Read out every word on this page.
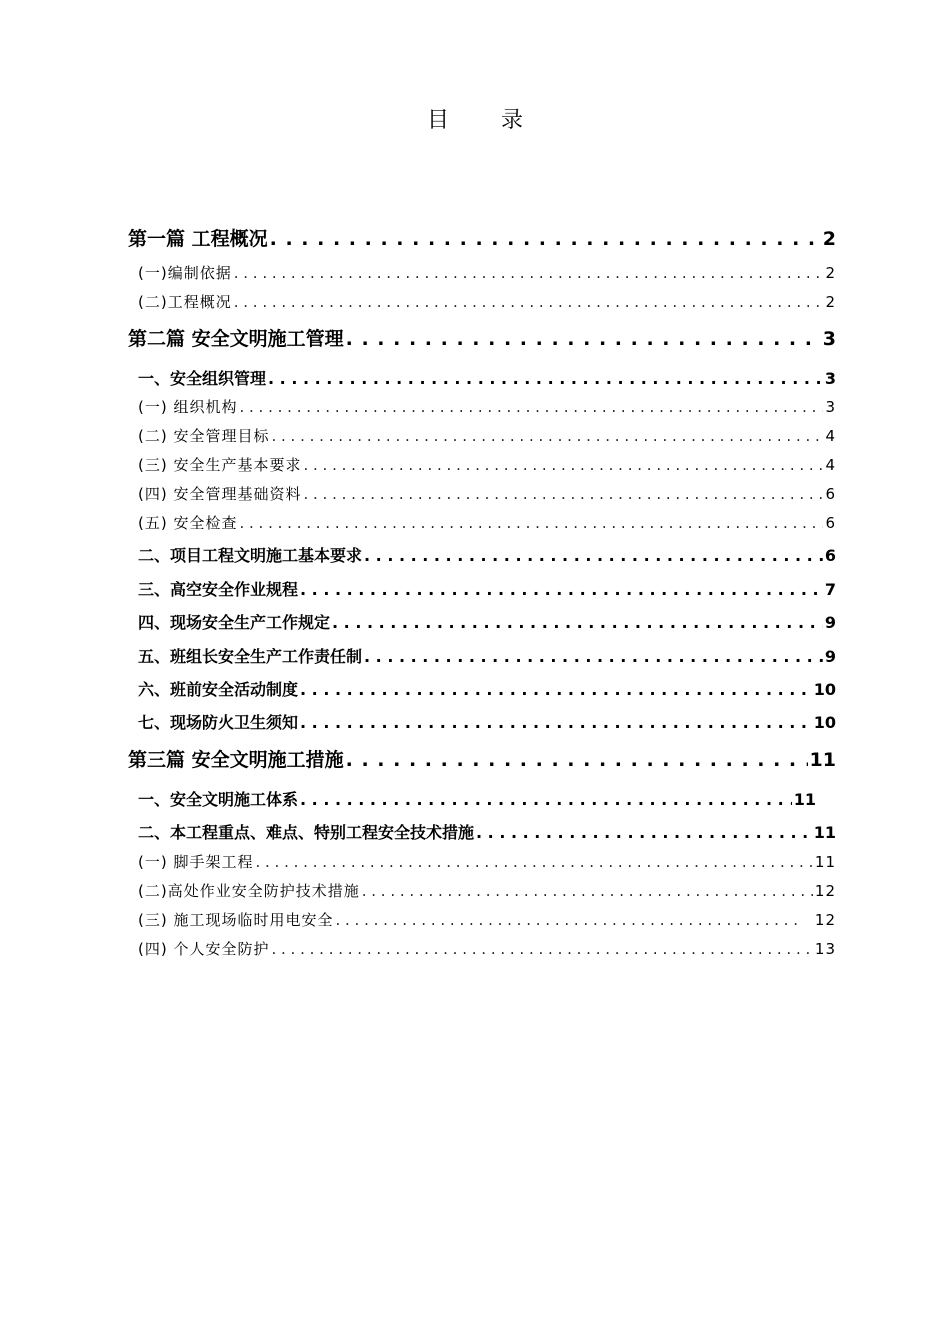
目录
第一篇 工程概况 . . .	2
(一)编制依据 . . .	2
(二)工程概况 . . .	2
第二篇 安全文明施工管理 . . .	3
一、安全组织管理 . . .	3
(一) 组织机构 . . .	3
(二) 安全管理目标 . . .	4
(三) 安全生产基本要求 . . .	4
(四) 安全管理基础资料 . . .	6
(五) 安全检查 . . .	6
二、项目工程文明施工基本要求 . . .	6
三、高空安全作业规程 . . .	7
四、现场安全生产工作规定 . . .	9
五、班组长安全生产工作责任制 . . .	9
六、班前安全活动制度 . . .	10
七、现场防火卫生须知 . . .	10
第三篇 安全文明施工措施 . . .	11
一、安全文明施工体系 . . .	11
二、本工程重点、难点、特别工程安全技术措施 . . .	11
(一) 脚手架工程 . . .	11
(二)高处作业安全防护技术措施 . . .	12
(三) 施工现场临时用电安全 . . .	12
(四) 个人安全防护 . . .	13
